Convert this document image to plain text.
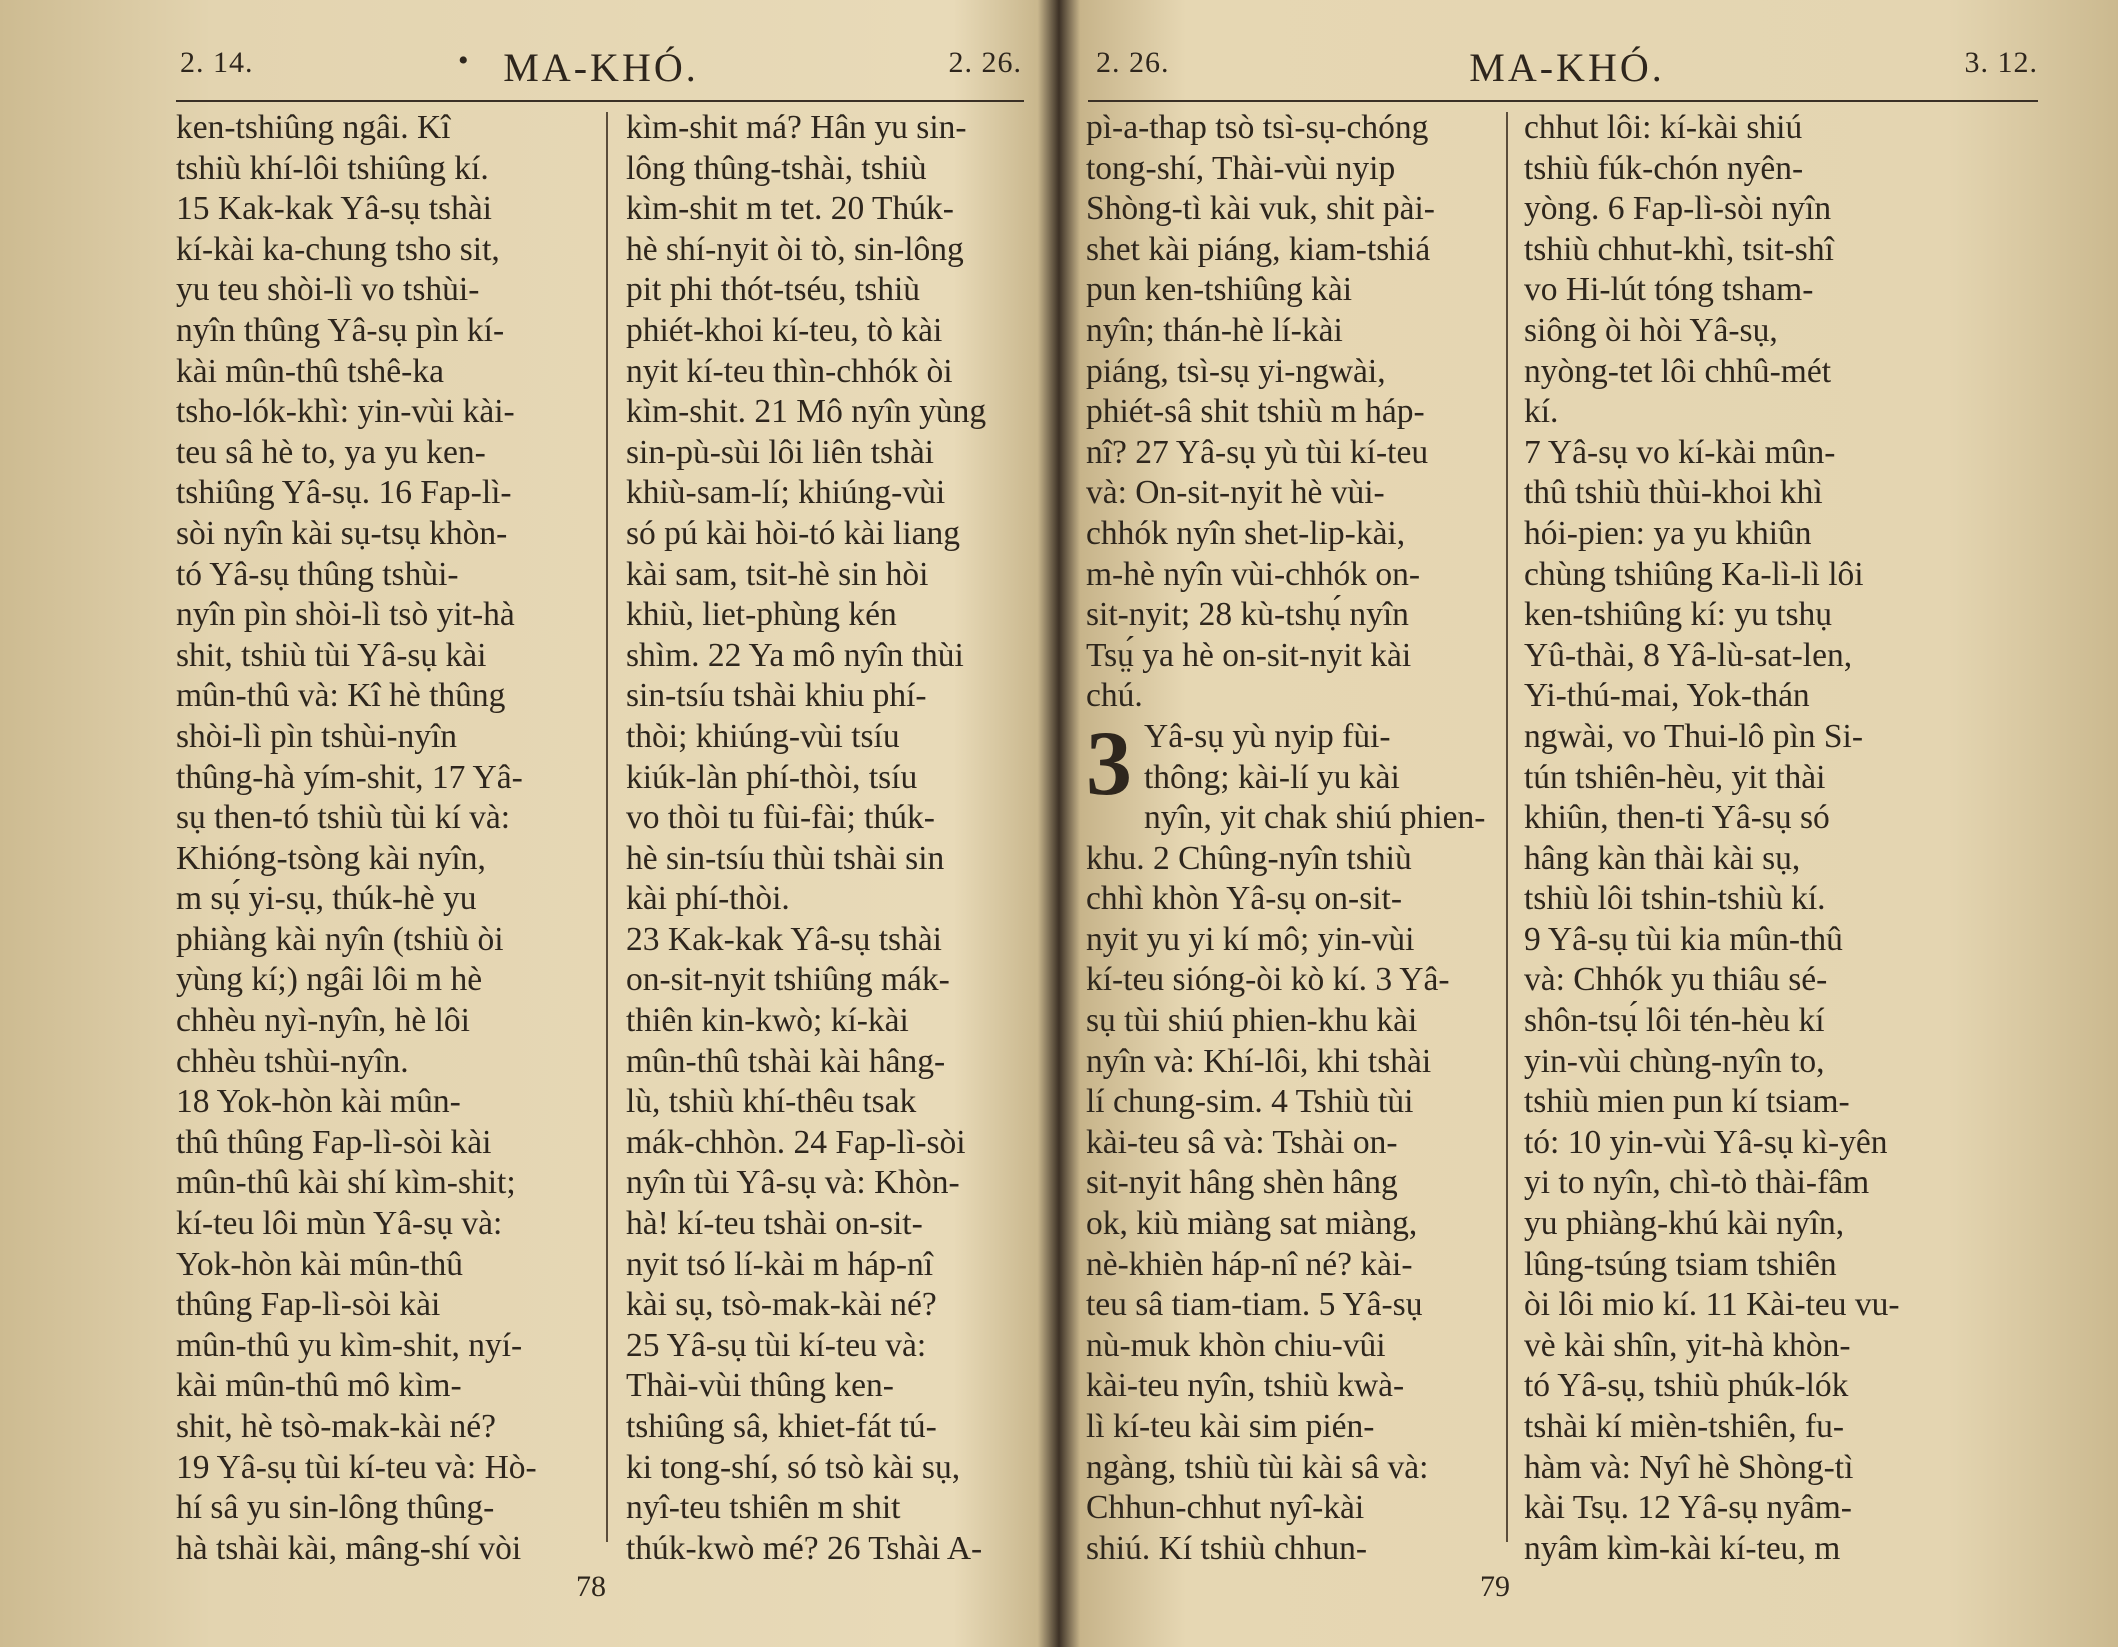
2. 14.	• MA-KHÓ.	2. 26.

ken-tshiûng ngâi. Kî
tshiù khí-lôi tshiûng kí.
15 Kak-kak Yâ-sụ tshài
kí-kài ka-chung tsho sit,
yu teu shòi-lì vo tshùi-
nyîn thûng Yâ-sụ pìn kí-
kài mûn-thû tshê-ka
tsho-lók-khì: yin-vùi kài-
teu sâ hè to, ya yu ken-
tshiûng Yâ-sụ. 16 Fap-lì-
sòi nyîn kài sụ-tsụ khòn-
tó Yâ-sụ thûng tshùi-
nyîn pìn shòi-lì tsò yit-hà
shit, tshiù tùi Yâ-sụ kài
mûn-thû và: Kî hè thûng
shòi-lì pìn tshùi-nyîn
thûng-hà yím-shit, 17 Yâ-
sụ then-tó tshiù tùi kí và:
Khióng-tsòng kài nyîn,
m sụ́ yi-sụ, thúk-hè yu
phiàng kài nyîn (tshiù òi
yùng kí;) ngâi lôi m hè
chhèu nyì-nyîn, hè lôi
chhèu tshùi-nyîn.
18 Yok-hòn kài mûn-
thû thûng Fap-lì-sòi kài
mûn-thû kài shí kìm-shit;
kí-teu lôi mùn Yâ-sụ và:
Yok-hòn kài mûn-thû
thûng Fap-lì-sòi kài
mûn-thû yu kìm-shit, nyí-
kài mûn-thû mô kìm-
shit, hè tsò-mak-kài né?
19 Yâ-sụ tùi kí-teu và: Hò-
hí sâ yu sin-lông thûng-
hà tshài kài, mâng-shí vòi

kìm-shit má? Hân yu sin-
lông thûng-tshài, tshiù
kìm-shit m tet. 20 Thúk-
hè shí-nyit òi tò, sin-lông
pit phi thót-tséu, tshiù
phiét-khoi kí-teu, tò kài
nyit kí-teu thìn-chhók òi
kìm-shit. 21 Mô nyîn yùng
sin-pù-sùi lôi liên tshài
khiù-sam-lí; khiúng-vùi
só pú kài hòi-tó kài liang
kài sam, tsit-hè sin hòi
khiù, liet-phùng kén
shìm. 22 Ya mô nyîn thùi
sin-tsíu tshài khiu phí-
thòi; khiúng-vùi tsíu
kiúk-làn phí-thòi, tsíu
vo thòi tu fùi-fài; thúk-
hè sin-tsíu thùi tshài sin
kài phí-thòi.
23 Kak-kak Yâ-sụ tshài
on-sit-nyit tshiûng mák-
thiên kin-kwò; kí-kài
mûn-thû tshài kài hâng-
lù, tshiù khí-thêu tsak
mák-chhòn. 24 Fap-lì-sòi
nyîn tùi Yâ-sụ và: Khòn-
hà! kí-teu tshài on-sit-
nyit tsó lí-kài m háp-nî
kài sụ, tsò-mak-kài né?
25 Yâ-sụ tùi kí-teu và:
Thài-vùi thûng ken-
tshiûng sâ, khiet-fát tú-
ki tong-shí, só tsò kài sụ,
nyî-teu tshiên m shit
thúk-kwò mé? 26 Tshài A-

78
2. 26.	MA-KHÓ.	3. 12.

pì-a-thap tsò tsì-sụ-chóng
tong-shí, Thài-vùi nyip
Shòng-tì kài vuk, shit pài-
shet kài piáng, kiam-tshiá
pun ken-tshiûng kài
nyîn; thán-hè lí-kài
piáng, tsì-sụ yi-ngwài,
phiét-sâ shit tshiù m háp-
nî? 27 Yâ-sụ yù tùi kí-teu
và: On-sit-nyit hè vùi-
chhók nyîn shet-lip-kài,
m-hè nyîn vùi-chhók on-
sit-nyit; 28 kù-tshụ́ nyîn
Tsṳ́ ya hè on-sit-nyit kài
chú.

3 Yâ-sụ yù nyip fùi-
thông; kài-lí yu kài
nyîn, yit chak shiú phien-
khu. 2 Chûng-nyîn tshiù
chhì khòn Yâ-sụ on-sit-
nyit yu yi kí mô; yin-vùi
kí-teu sióng-òi kò kí. 3 Yâ-
sụ tùi shiú phien-khu kài
nyîn và: Khí-lôi, khi tshài
lí chung-sim. 4 Tshiù tùi
kài-teu sâ và: Tshài on-
sit-nyit hâng shèn hâng
ok, kiù miàng sat miàng,
nè-khièn háp-nî né? kài-
teu sâ tiam-tiam. 5 Yâ-sụ
nù-muk khòn chiu-vûi
kài-teu nyîn, tshiù kwà-
lì kí-teu kài sim pién-
ngàng, tshiù tùi kài sâ và:
Chhun-chhut nyî-kài
shiú. Kí tshiù chhun-

chhut lôi: kí-kài shiú
tshiù fúk-chón nyên-
yòng. 6 Fap-lì-sòi nyîn
tshiù chhut-khì, tsit-shî
vo Hi-lút tóng tsham-
siông òi hòi Yâ-sụ,
nyòng-tet lôi chhû-mét
kí.
7 Yâ-sụ vo kí-kài mûn-
thû tshiù thùi-khoi khì
hói-pien: ya yu khiûn
chùng tshiûng Ka-lì-lì lôi
ken-tshiûng kí: yu tshụ
Yû-thài, 8 Yâ-lù-sat-len,
Yi-thú-mai, Yok-thán
ngwài, vo Thui-lô pìn Si-
tún tshiên-hèu, yit thài
khiûn, then-ti Yâ-sụ só
hâng kàn thài kài sụ,
tshiù lôi tshin-tshiù kí.
9 Yâ-sụ tùi kia mûn-thû
và: Chhók yu thiâu sé-
shôn-tsụ́ lôi tén-hèu kí
yin-vùi chùng-nyîn to,
tshiù mien pun kí tsiam-
tó: 10 yin-vùi Yâ-sụ kì-yên
yi to nyîn, chì-tò thài-fâm
yu phiàng-khú kài nyîn,
lûng-tsúng tsiam tshiên
òi lôi mio kí. 11 Kài-teu vu-
vè kài shîn, yit-hà khòn-
tó Yâ-sụ, tshiù phúk-lók
tshài kí mièn-tshiên, fu-
hàm và: Nyî hè Shòng-tì
kài Tsụ. 12 Yâ-sụ nyâm-
nyâm kìm-kài kí-teu, m

79
